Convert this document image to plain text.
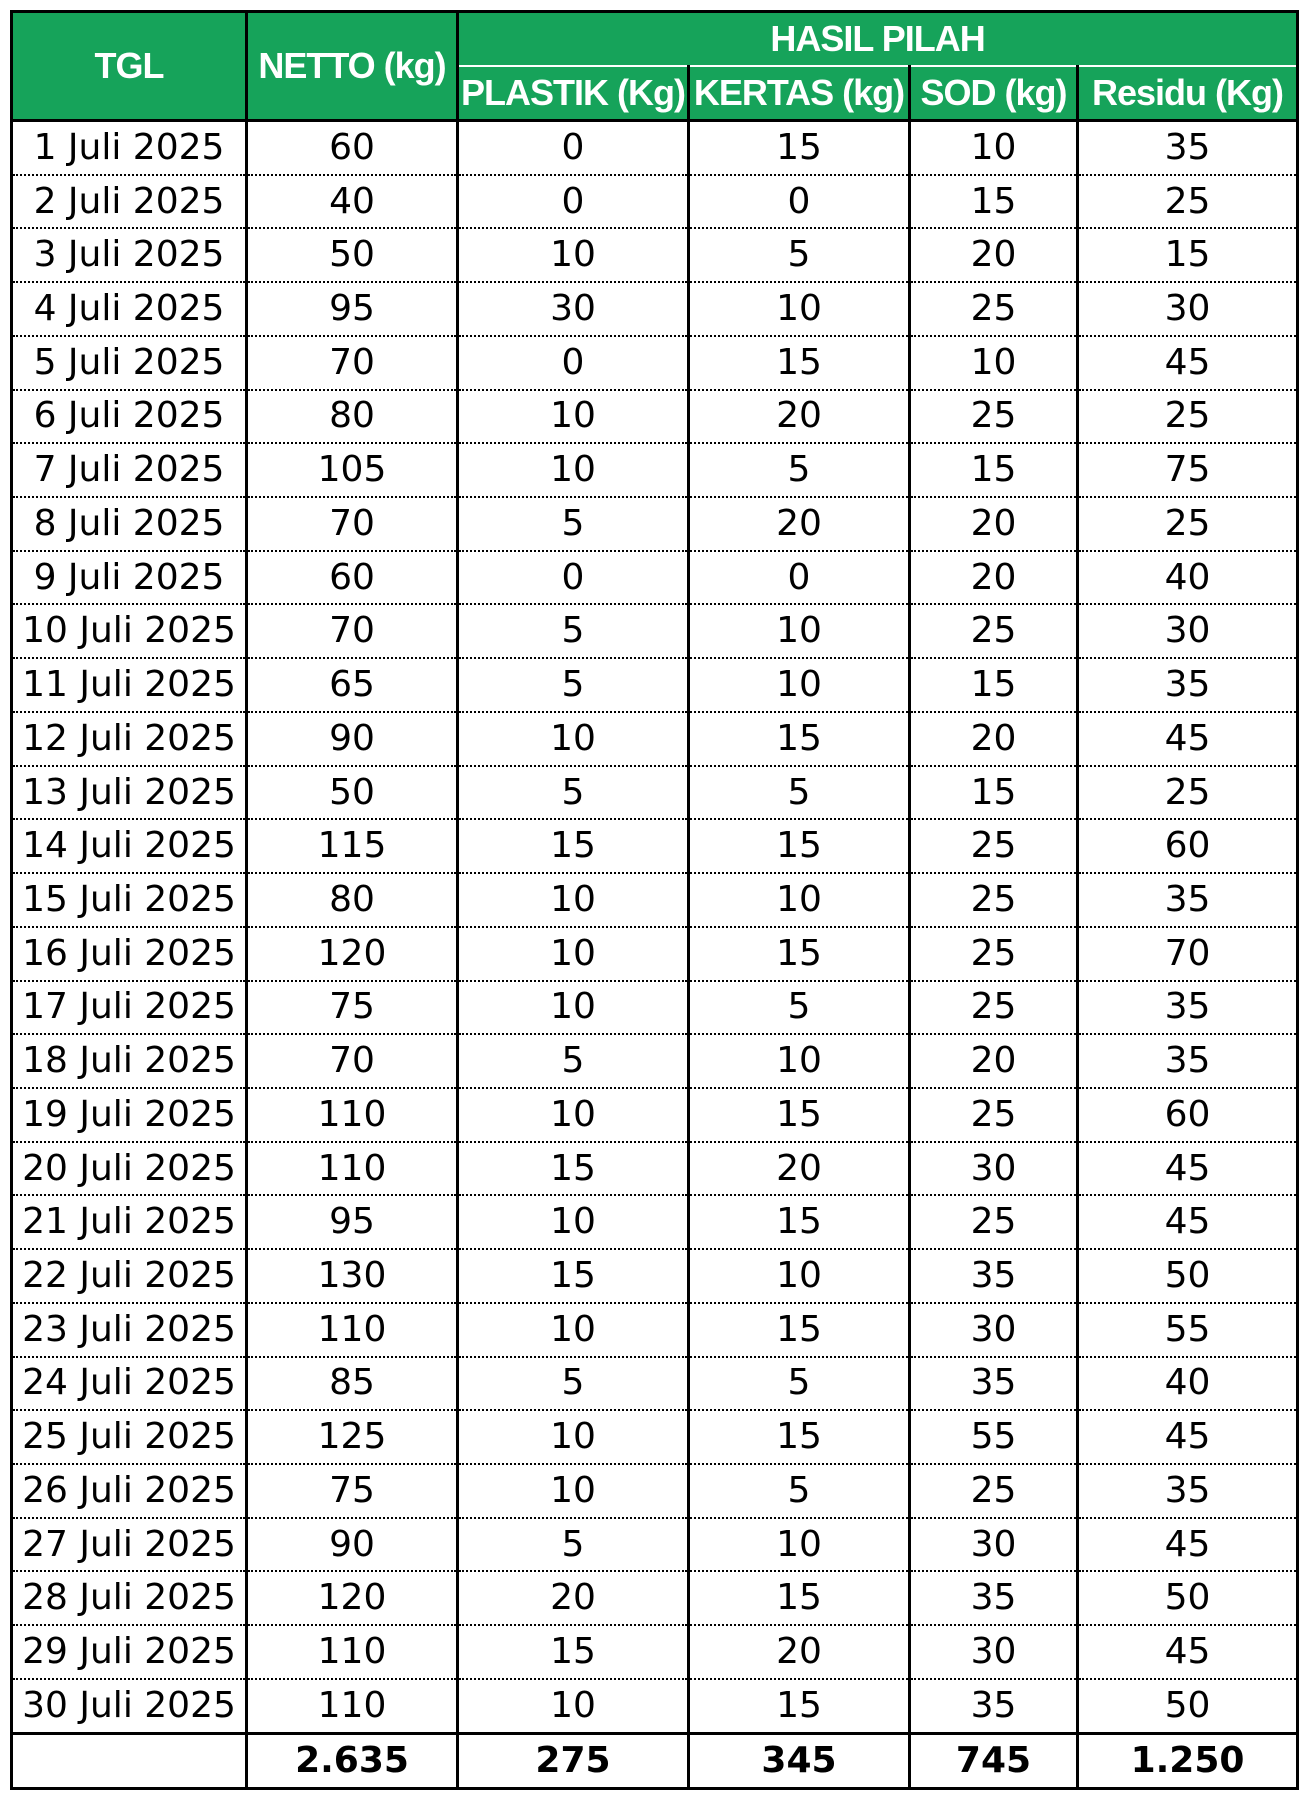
TGL	NETTO (kg)	HASIL PILAH			
		PLASTIK (Kg)	KERTAS (kg)	SOD (kg)	Residu (Kg)
1 Juli 2025	60	0	15	10	35
2 Juli 2025	40	0	0	15	25
3 Juli 2025	50	10	5	20	15
4 Juli 2025	95	30	10	25	30
5 Juli 2025	70	0	15	10	45
6 Juli 2025	80	10	20	25	25
7 Juli 2025	105	10	5	15	75
8 Juli 2025	70	5	20	20	25
9 Juli 2025	60	0	0	20	40
10 Juli 2025	70	5	10	25	30
11 Juli 2025	65	5	10	15	35
12 Juli 2025	90	10	15	20	45
13 Juli 2025	50	5	5	15	25
14 Juli 2025	115	15	15	25	60
15 Juli 2025	80	10	10	25	35
16 Juli 2025	120	10	15	25	70
17 Juli 2025	75	10	5	25	35
18 Juli 2025	70	5	10	20	35
19 Juli 2025	110	10	15	25	60
20 Juli 2025	110	15	20	30	45
21 Juli 2025	95	10	15	25	45
22 Juli 2025	130	15	10	35	50
23 Juli 2025	110	10	15	30	55
24 Juli 2025	85	5	5	35	40
25 Juli 2025	125	10	15	55	45
26 Juli 2025	75	10	5	25	35
27 Juli 2025	90	5	10	30	45
28 Juli 2025	120	20	15	35	50
29 Juli 2025	110	15	20	30	45
30 Juli 2025	110	10	15	35	50
	2.635	275	345	745	1.250
